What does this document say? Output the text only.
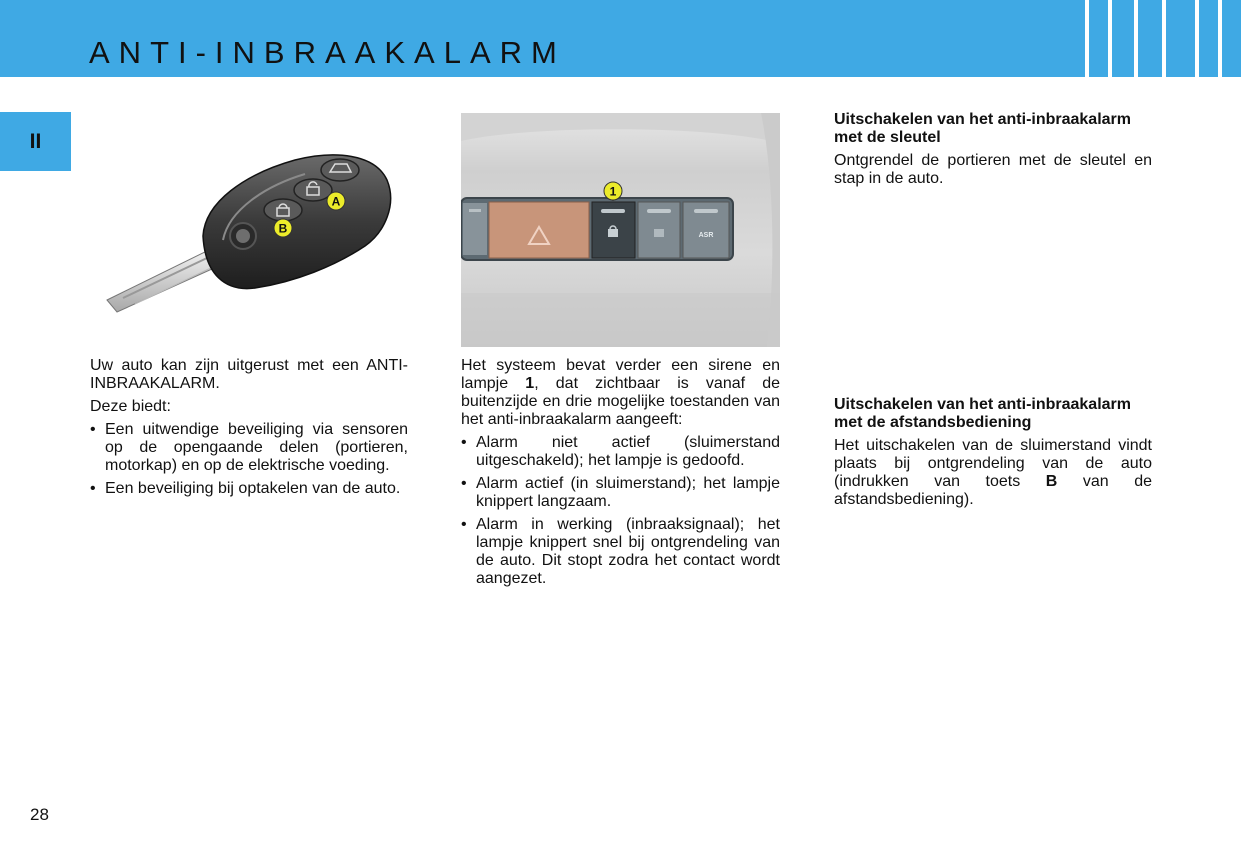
ANTI-INBRAAKALARM
II
A
B	ASR
1

Uw auto kan zijn uitgerust met een ANTI-INBRAAKALARM.

Deze biedt:

• Een uitwendige beveiliging via sensoren op de opengaande delen (portieren, motorkap) en op de elektrische voeding.
• Een beveiliging bij optakelen van de auto.

Het systeem bevat verder een sirene en lampje 1, dat zichtbaar is vanaf de buitenzijde en drie mogelijke toestanden van het anti-inbraakalarm aangeeft:

• Alarm niet actief (sluimerstand uitgeschakeld); het lampje is gedoofd.
• Alarm actief (in sluimerstand); het lampje knippert langzaam.
• Alarm in werking (inbraaksignaal); het lampje knippert snel bij ontgrendeling van de auto. Dit stopt zodra het contact wordt aangezet.
Uitschakelen van het anti-inbraakalarm met de sleutel

Ontgrendel de portieren met de sleutel en stap in de auto.

Uitschakelen van het anti-inbraakalarm met de afstandsbediening

Het uitschakelen van de sluimerstand vindt plaats bij ontgrendeling van de auto (indrukken van toets B van de afstandsbediening).

28
